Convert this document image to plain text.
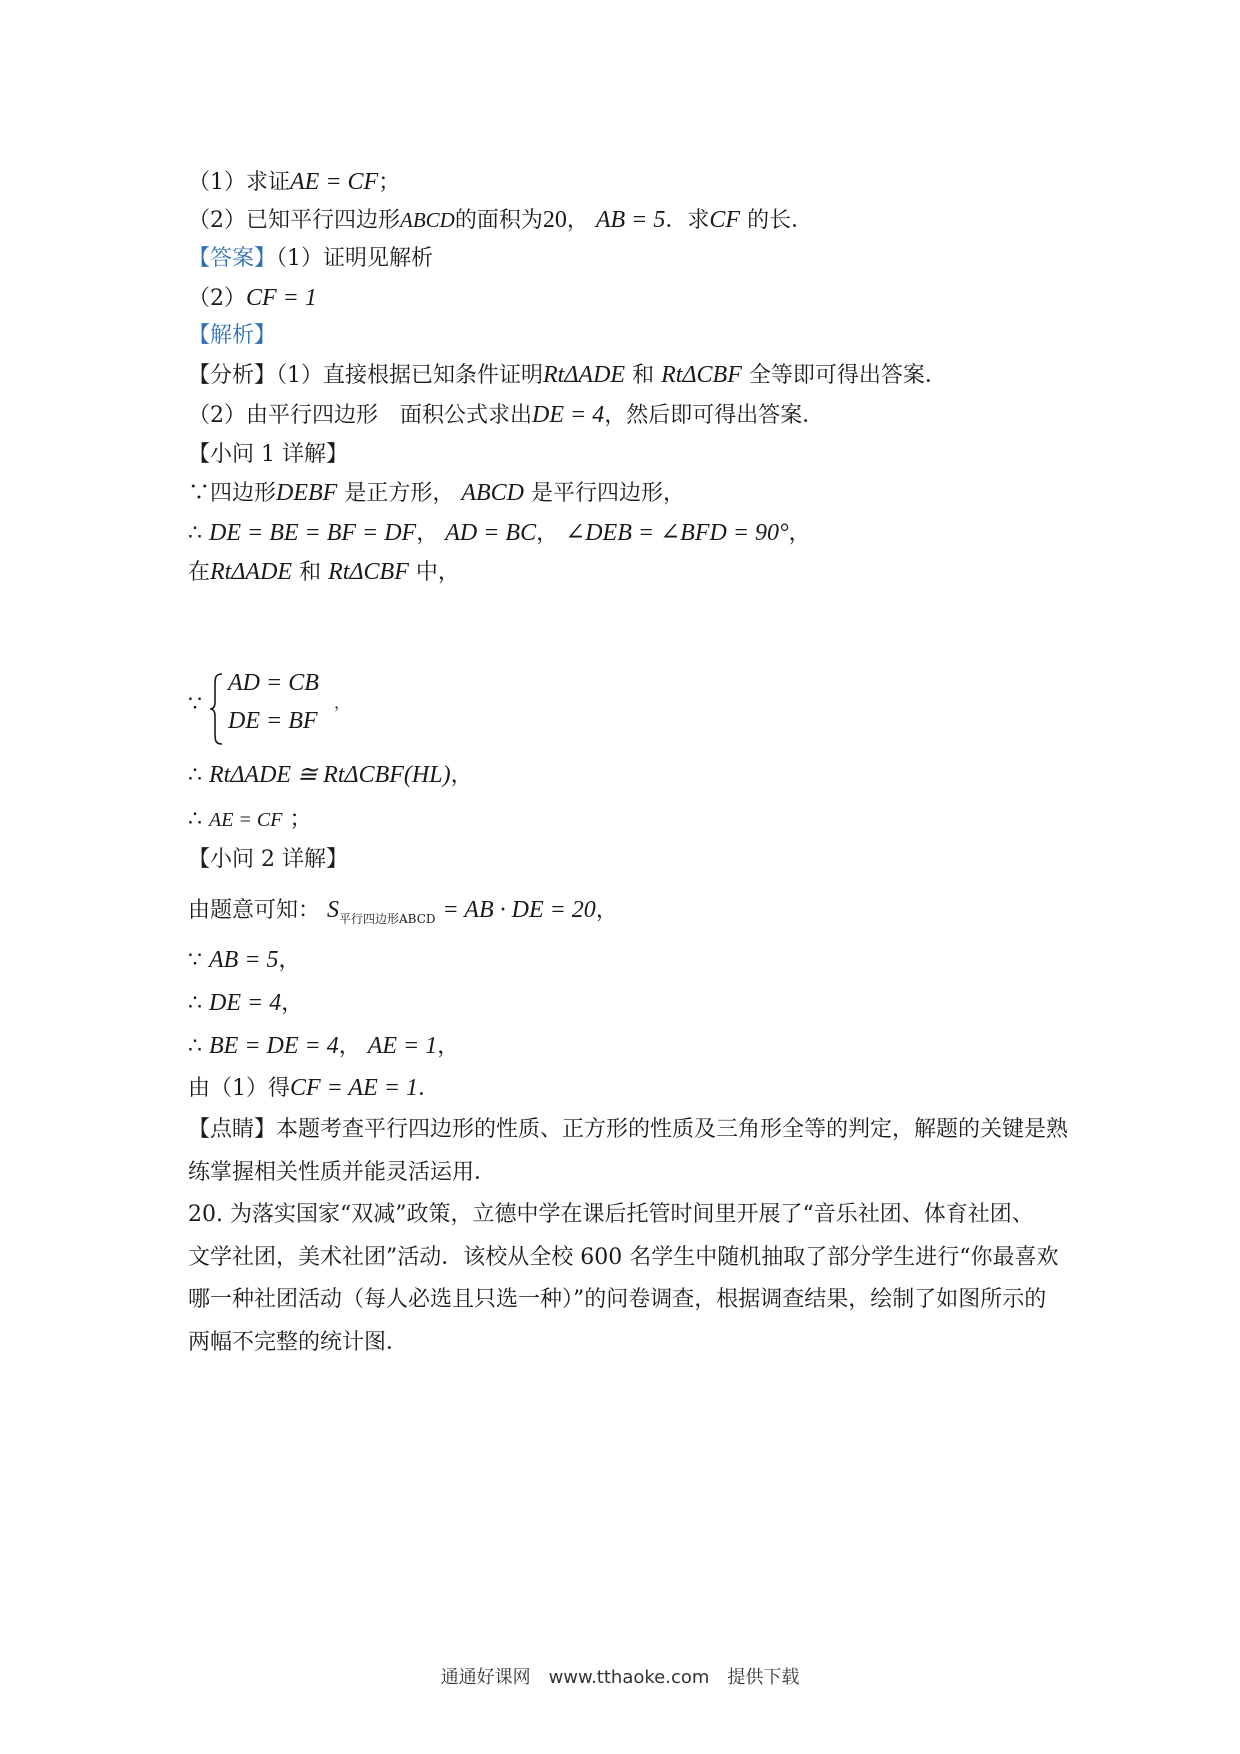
（1）求证AE = CF；
（2）已知平行四边形ABCD的面积为20， AB = 5．求CF 的长．
【答案】（1）证明见解析
（2）CF = 1
【解析】
【分析】（1）直接根据已知条件证明RtΔADE 和 RtΔCBF 全等即可得出答案．
（2）由平行四边形　面积公式求出DE = 4，然后即可得出答案．
【小问 1 详解】
∵四边形DEBF 是正方形， ABCD 是平行四边形，
∴ DE = BE = BF = DF， AD = BC， ∠DEB = ∠BFD = 90°，
在RtΔADE 和 RtΔCBF 中，
∵
AD = CB
DE = BF
，
∴ RtΔADE ≅ RtΔCBF(HL)，
∴ AE = CF ；
【小问 2 详解】
由题意可知： $S_{平行四边形ABCD}$ = AB · DE = 20，
∵ AB = 5，
∴ DE = 4，
∴ BE = DE = 4， AE = 1，
由（1）得CF = AE = 1．
【点睛】本题考查平行四边形的性质、正方形的性质及三角形全等的判定，解题的关键是熟
练掌握相关性质并能灵活运用．
20. 为落实国家“双减”政策，立德中学在课后托管时间里开展了“音乐社团、体育社团、
文学社团，美术社团”活动．该校从全校 600 名学生中随机抽取了部分学生进行“你最喜欢
哪一种社团活动（每人必选且只选一种）”的问卷调查，根据调查结果，绘制了如图所示的
两幅不完整的统计图．
通通好课网　www.tthaoke.com　提供下载
